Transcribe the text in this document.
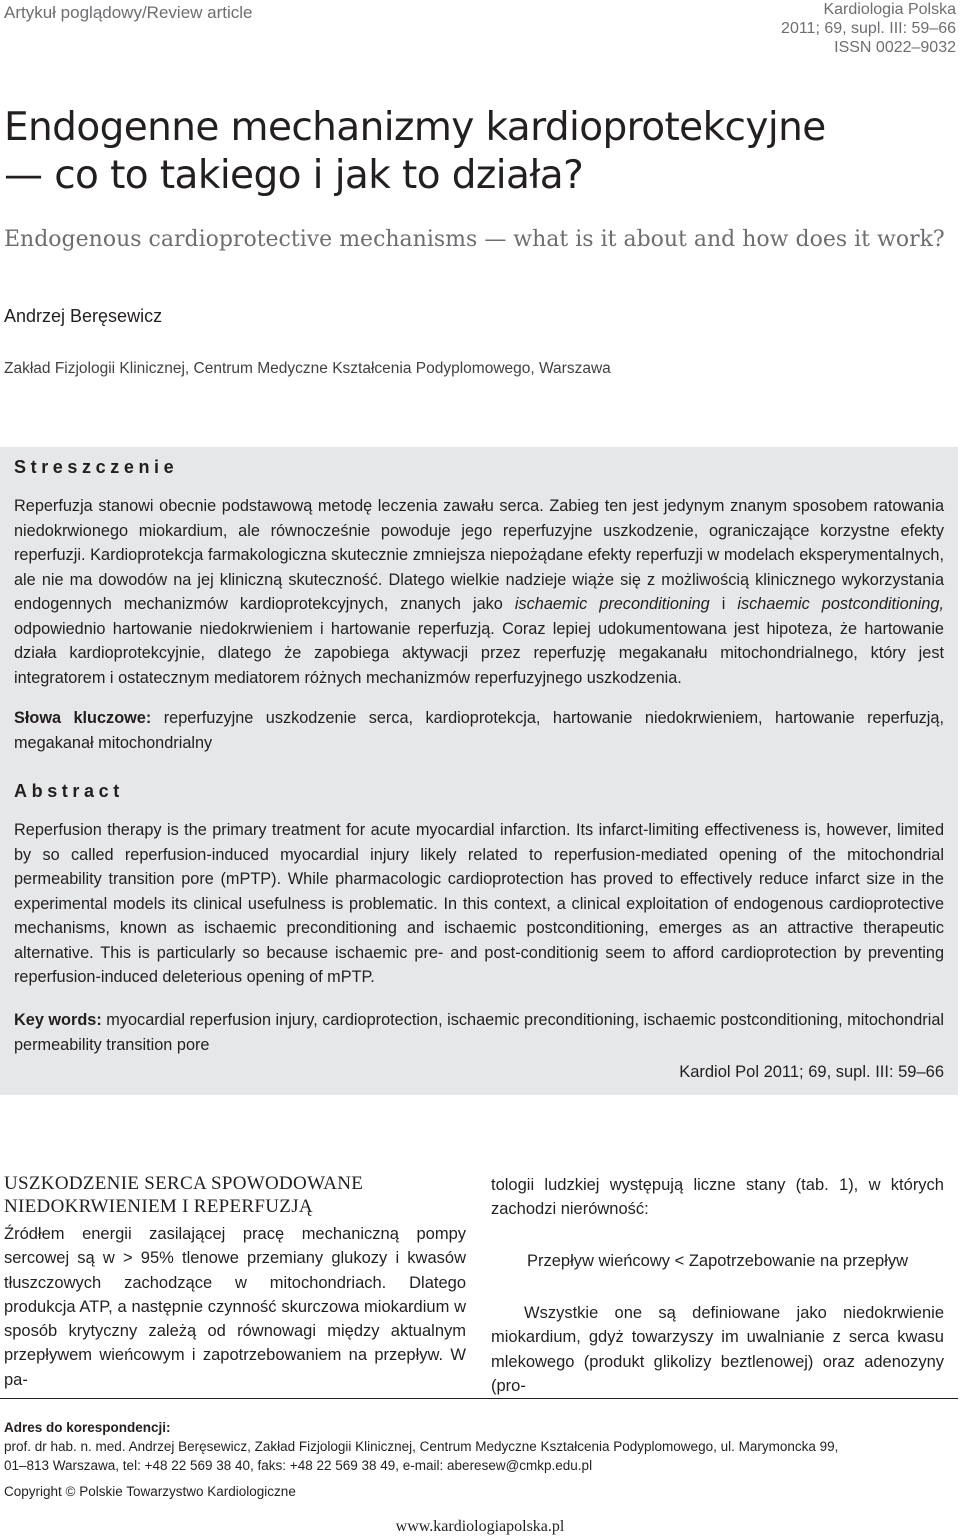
Artykuł poglądowy/Review article	Kardiologia Polska
2011; 69, supl. III: 59–66
ISSN 0022–9032
Endogenne mechanizmy kardioprotekcyjne
— co to takiego i jak to działa?
Endogenous cardioprotective mechanisms — what is it about and how does it work?
Andrzej Beręsewicz
Zakład Fizjologii Klinicznej, Centrum Medyczne Kształcenia Podyplomowego, Warszawa
Streszczenie
Reperfuzja stanowi obecnie podstawową metodę leczenia zawału serca. Zabieg ten jest jedynym znanym sposobem ratowania niedokrwionego miokardium, ale równocześnie powoduje jego reperfuzyjne uszkodzenie, ograniczające korzystne efekty reperfuzji. Kardioprotekcja farmakologiczna skutecznie zmniejsza niepożądane efekty reperfuzji w modelach eksperymentalnych, ale nie ma dowodów na jej kliniczną skuteczność. Dlatego wielkie nadzieje wiąże się z możliwością klinicznego wykorzystania endogennych mechanizmów kardioprotekcyjnych, znanych jako ischaemic preconditioning i ischaemic postconditioning, odpowiednio hartowanie niedokrwieniem i hartowanie reperfuzją. Coraz lepiej udokumentowana jest hipoteza, że hartowanie działa kardioprotekcyjnie, dlatego że zapobiega aktywacji przez reperfuzję megakanału mitochondrialnego, który jest integratorem i ostatecznym mediatorem różnych mechanizmów reperfuzyjnego uszkodzenia.
Słowa kluczowe: reperfuzyjne uszkodzenie serca, kardioprotekcja, hartowanie niedokrwieniem, hartowanie reperfuzją, megakanał mitochondrialny
Abstract
Reperfusion therapy is the primary treatment for acute myocardial infarction. Its infarct-limiting effectiveness is, however, limited by so called reperfusion-induced myocardial injury likely related to reperfusion-mediated opening of the mitochondrial permeability transition pore (mPTP). While pharmacologic cardioprotection has proved to effectively reduce infarct size in the experimental models its clinical usefulness is problematic. In this context, a clinical exploitation of endogenous cardioprotective mechanisms, known as ischaemic preconditioning and ischaemic postconditioning, emerges as an attractive therapeutic alternative. This is particularly so because ischaemic pre- and post-conditionig seem to afford cardioprotection by preventing reperfusion-induced deleterious opening of mPTP.
Key words: myocardial reperfusion injury, cardioprotection, ischaemic preconditioning, ischaemic postconditioning, mitochondrial permeability transition pore
Kardiol Pol 2011; 69, supl. III: 59–66
USZKODZENIE SERCA SPOWODOWANE
NIEDOKRWIENIEM I REPERFUZJĄ
Źródłem energii zasilającej pracę mechaniczną pompy sercowej są w > 95% tlenowe przemiany glukozy i kwasów tłuszczowych zachodzące w mitochondriach. Dlatego produkcja ATP, a następnie czynność skurczowa miokardium w sposób krytyczny zależą od równowagi między aktualnym przepływem wieńcowym i zapotrzebowaniem na przepływ. W pa-
tologii ludzkiej występują liczne stany (tab. 1), w których zachodzi nierówność:
Przepływ wieńcowy < Zapotrzebowanie na przepływ
Wszystkie one są definiowane jako niedokrwienie miokardium, gdyż towarzyszy im uwalnianie z serca kwasu mlekowego (produkt glikolizy beztlenowej) oraz adenozyny (pro-
Adres do korespondencji:
prof. dr hab. n. med. Andrzej Beręsewicz, Zakład Fizjologii Klinicznej, Centrum Medyczne Kształcenia Podyplomowego, ul. Marymoncka 99,
01–813 Warszawa, tel: +48 22 569 38 40, faks: +48 22 569 38 49, e-mail: aberesew@cmkp.edu.pl
Copyright © Polskie Towarzystwo Kardiologiczne
www.kardiologiapolska.pl
